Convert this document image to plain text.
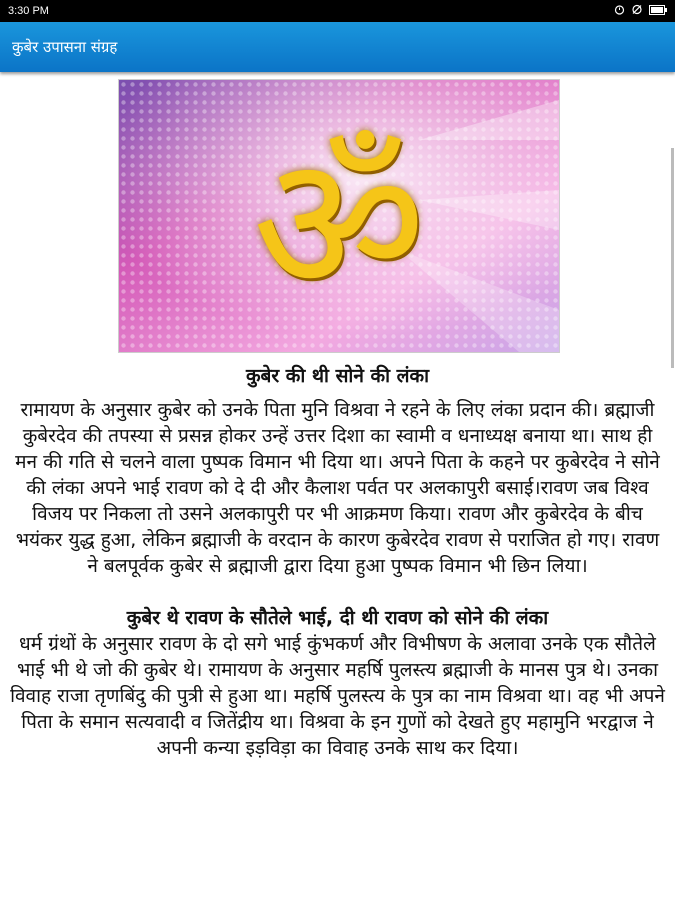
3:30 PM
कुबेर उपासना संग्रह
ॐ

कुबेर की थी सोने की लंका

रामायण के अनुसार कुबेर को उनके पिता मुनि विश्रवा ने रहने के लिए लंका प्रदान की। ब्रह्माजी कुबेरदेव की तपस्या से प्रसन्न होकर उन्हें उत्तर दिशा का स्वामी व धनाध्यक्ष बनाया था। साथ ही मन की गति से चलने वाला पुष्पक विमान भी दिया था। अपने पिता के कहने पर कुबेरदेव ने सोने की लंका अपने भाई रावण को दे दी और कैलाश पर्वत पर अलकापुरी बसाई।रावण जब विश्व विजय पर निकला तो उसने अलकापुरी पर भी आक्रमण किया। रावण और कुबेरदेव के बीच भयंकर युद्ध हुआ, लेकिन ब्रह्माजी के वरदान के कारण कुबेरदेव रावण से पराजित हो गए। रावण ने बलपूर्वक कुबेर से ब्रह्माजी द्वारा दिया हुआ पुष्पक विमान भी छिन लिया।

कुबेर थे रावण के सौतेले भाई, दी थी रावण को सोने की लंका

धर्म ग्रंथों के अनुसार रावण के दो सगे भाई कुंभकर्ण और विभीषण के अलावा उनके एक सौतेले भाई भी थे जो की कुबेर थे। रामायण के अनुसार महर्षि पुलस्त्य ब्रह्माजी के मानस पुत्र थे। उनका विवाह राजा तृणबिंदु की पुत्री से हुआ था। महर्षि पुलस्त्य के पुत्र का नाम विश्रवा था। वह भी अपने पिता के समान सत्यवादी व जितेंद्रीय था। विश्रवा के इन गुणों को देखते हुए महामुनि भरद्वाज ने अपनी कन्या इड़विड़ा का विवाह उनके साथ कर दिया।
